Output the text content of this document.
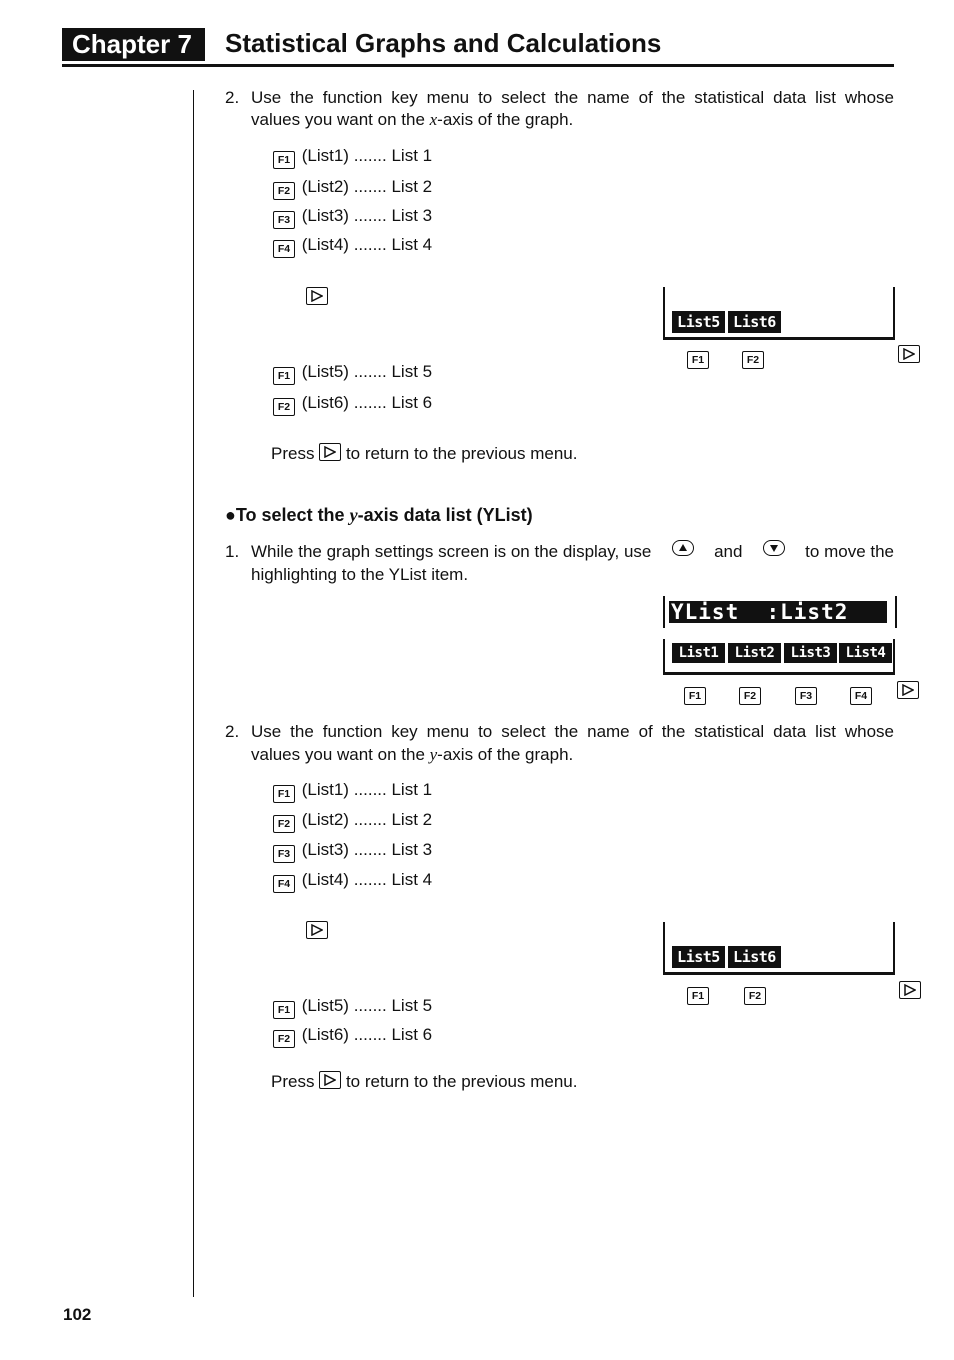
Chapter 7	Statistical Graphs and Calculations
102
2. Use the function key menu to select the name of the statistical data list whose
values you want on the x-axis of the graph.
F1 (List1) ....... List 1
F2 (List2) ....... List 2
F3 (List3) ....... List 3
F4 (List4) ....... List 4
List5 List6
F1	F2
F1 (List5) ....... List 5
F2 (List6) ....... List 6
Press to return to the previous menu.
●To select the y-axis data list (YList)
1. While the graph settings screen is on the display, use	and	to move the
highlighting to the YList item.
YList  :List2
List1	List2	List3	List4
F1	F2	F3	F4
2. Use the function key menu to select the name of the statistical data list whose
values you want on the y-axis of the graph.
F1 (List1) ....... List 1
F2 (List2) ....... List 2
F3 (List3) ....... List 3
F4 (List4) ....... List 4
List5 List6
F1	F2
F1 (List5) ....... List 5
F2 (List6) ....... List 6
Press to return to the previous menu.
